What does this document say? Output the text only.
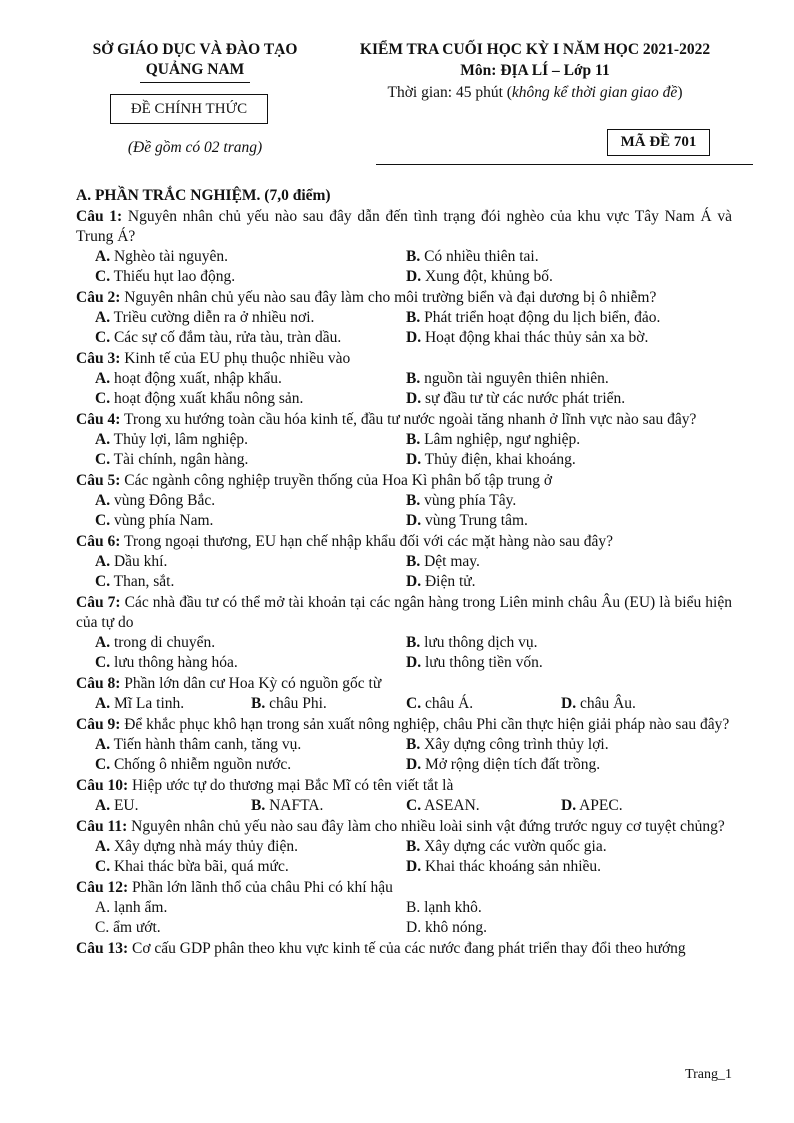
SỞ GIÁO DỤC VÀ ĐÀO TẠO
QUẢNG NAM
ĐỀ CHÍNH THỨC
(Đề gồm có 02 trang)
KIỂM TRA CUỐI HỌC KỲ I NĂM HỌC 2021-2022
Môn: ĐỊA LÍ – Lớp 11
Thời gian: 45 phút (không kể thời gian giao đề)
MÃ ĐỀ 701
A. PHẦN TRẮC NGHIỆM. (7,0 điểm)
Câu 1: Nguyên nhân chủ yếu nào sau đây dẫn đến tình trạng đói nghèo của khu vực Tây Nam Á và Trung Á?
A. Nghèo tài nguyên.	B. Có nhiều thiên tai.
C. Thiếu hụt lao động.	D. Xung đột, khủng bố.
Câu 2: Nguyên nhân chủ yếu nào sau đây làm cho môi trường biển và đại dương bị ô nhiễm?
A. Triều cường diễn ra ở nhiều nơi.	B. Phát triển hoạt động du lịch biển, đảo.
C. Các sự cố đắm tàu, rửa tàu, tràn dầu.	D. Hoạt động khai thác thủy sản xa bờ.
Câu 3: Kinh tế của EU phụ thuộc nhiều vào
A. hoạt động xuất, nhập khẩu.	B. nguồn tài nguyên thiên nhiên.
C. hoạt động xuất khẩu nông sản.	D. sự đầu tư từ các nước phát triển.
Câu 4: Trong xu hướng toàn cầu hóa kinh tế, đầu tư nước ngoài tăng nhanh ở lĩnh vực nào sau đây?
A. Thủy lợi, lâm nghiệp.	B. Lâm nghiệp, ngư nghiệp.
C. Tài chính, ngân hàng.	D. Thủy điện, khai khoáng.
Câu 5: Các ngành công nghiệp truyền thống của Hoa Kì phân bố tập trung ở
A. vùng Đông Bắc.	B. vùng phía Tây.
C. vùng phía Nam.	D. vùng Trung tâm.
Câu 6: Trong ngoại thương, EU hạn chế nhập khẩu đối với các mặt hàng nào sau đây?
A. Dầu khí.	B. Dệt may.
C. Than, sắt.	D. Điện tử.
Câu 7: Các nhà đầu tư có thể mở tài khoản tại các ngân hàng trong Liên minh châu Âu (EU) là biểu hiện của tự do
A. trong di chuyển.	B. lưu thông dịch vụ.
C. lưu thông hàng hóa.	D. lưu thông tiền vốn.
Câu 8: Phần lớn dân cư Hoa Kỳ có nguồn gốc từ
A. Mĩ La tinh.	B. châu Phi.	C. châu Á.	D. châu Âu.
Câu 9: Để khắc phục khô hạn trong sản xuất nông nghiệp, châu Phi cần thực hiện giải pháp nào sau đây?
A. Tiến hành thâm canh, tăng vụ.	B. Xây dựng công trình thủy lợi.
C. Chống ô nhiễm nguồn nước.	D. Mở rộng diện tích đất trồng.
Câu 10: Hiệp ước tự do thương mại Bắc Mĩ có tên viết tắt là
A. EU.	B. NAFTA.	C. ASEAN.	D. APEC.
Câu 11: Nguyên nhân chủ yếu nào sau đây làm cho nhiều loài sinh vật đứng trước nguy cơ tuyệt chủng?
A. Xây dựng nhà máy thủy điện.	B. Xây dựng các vườn quốc gia.
C. Khai thác bừa bãi, quá mức.	D. Khai thác khoáng sản nhiều.
Câu 12: Phần lớn lãnh thổ của châu Phi có khí hậu
A. lạnh ẩm.	B. lạnh khô.
C. ẩm ướt.	D. khô nóng.
Câu 13: Cơ cấu GDP phân theo khu vực kinh tế của các nước đang phát triển thay đổi theo hướng
Trang_1
